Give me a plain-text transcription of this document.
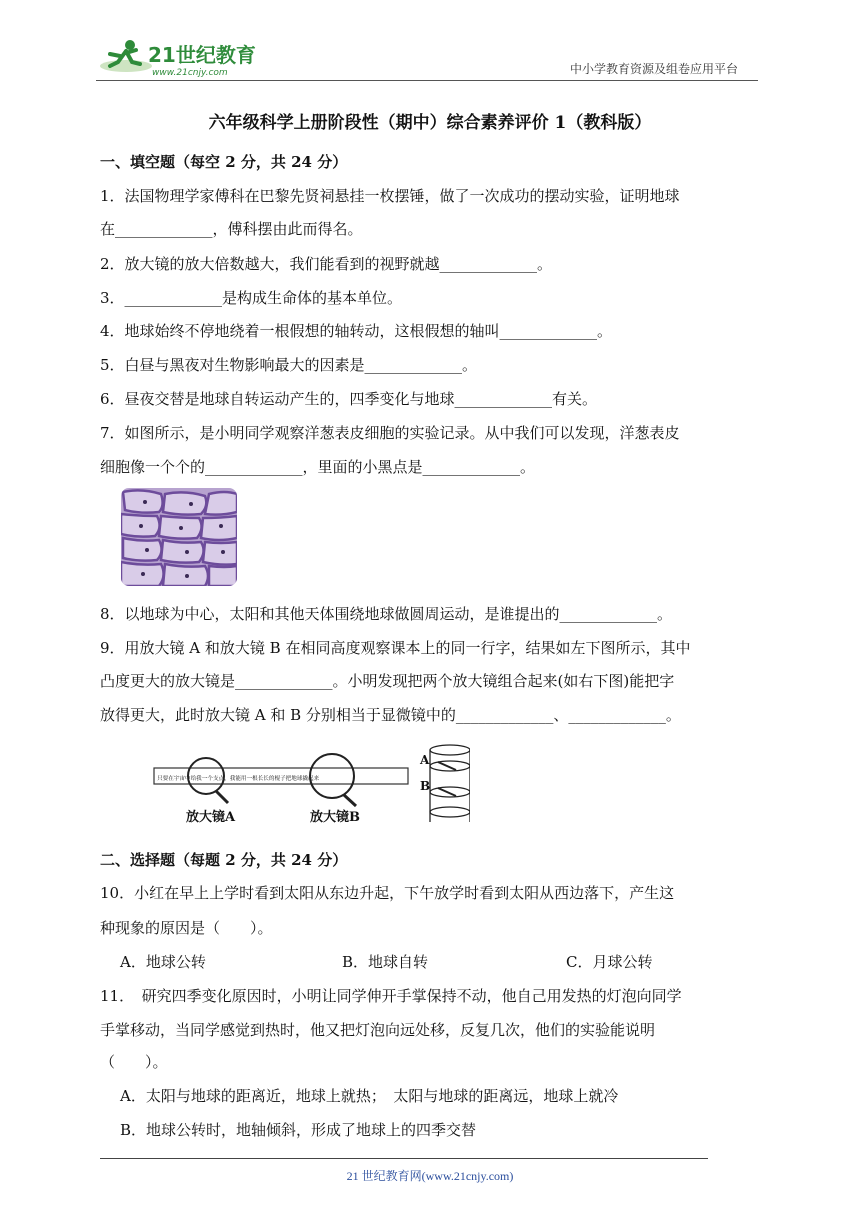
21世纪教育
www.21cnjy.com	中小学教育资源及组卷应用平台
六年级科学上册阶段性（期中）综合素养评价 1（教科版）
一、填空题（每空 2 分，共 24 分）
1．法国物理学家傅科在巴黎先贤祠悬挂一枚摆锤，做了一次成功的摆动实验，证明地球
在_____________，傅科摆由此而得名。
2．放大镜的放大倍数越大，我们能看到的视野就越_____________。
3．_____________是构成生命体的基本单位。
4．地球始终不停地绕着一根假想的轴转动，这根假想的轴叫_____________。
5．白昼与黑夜对生物影响最大的因素是_____________。
6．昼夜交替是地球自转运动产生的，四季变化与地球_____________有关。
7．如图所示，是小明同学观察洋葱表皮细胞的实验记录。从中我们可以发现，洋葱表皮
细胞像一个个的_____________，里面的小黑点是_____________。
8．以地球为中心，太阳和其他天体围绕地球做圆周运动，是谁提出的_____________。
9．用放大镜 A 和放大镜 B 在相同高度观察课本上的同一行字，结果如左下图所示，其中
凸度更大的放大镜是_____________。小明发现把两个放大镜组合起来(如右下图)能把字
放得更大，此时放大镜 A 和 B 分别相当于显微镜中的_____________、_____________。
只要在宇宙中给我一个支点，我能用一根长长的棍子把地球撬起来
放大镜A	放大镜B
A
B
二、选择题（每题 2 分，共 24 分）
10．小红在早上上学时看到太阳从东边升起，下午放学时看到太阳从西边落下，产生这
种现象的原因是（　　）。
A．地球公转	B．地球自转	C．月球公转
11．　研究四季变化原因时，小明让同学伸开手掌保持不动，他自己用发热的灯泡向同学
手掌移动，当同学感觉到热时，他又把灯泡向远处移，反复几次，他们的实验能说明
（　　）。
A．太阳与地球的距离近，地球上就热；　太阳与地球的距离远，地球上就冷
B．地球公转时，地轴倾斜，形成了地球上的四季交替
21 世纪教育网(www.21cnjy.com)
